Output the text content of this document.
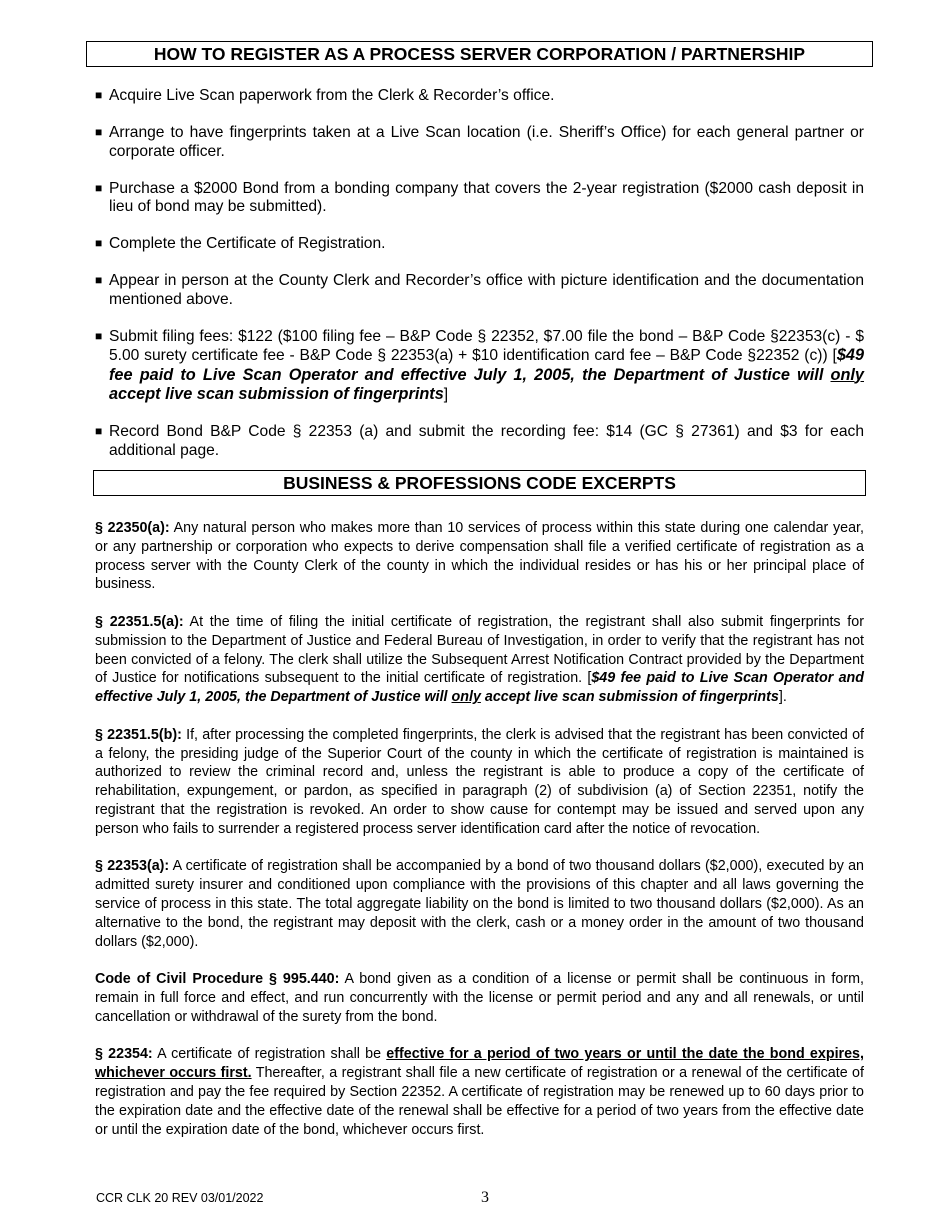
HOW TO REGISTER AS A PROCESS SERVER CORPORATION / PARTNERSHIP

■ Acquire Live Scan paperwork from the Clerk & Recorder’s office.

■ Arrange to have fingerprints taken at a Live Scan location (i.e. Sheriff’s Office) for each general partner or corporate officer.

■ Purchase a $2000 Bond from a bonding company that covers the 2-year registration ($2000 cash deposit in lieu of bond may be submitted).

■ Complete the Certificate of Registration.

■ Appear in person at the County Clerk and Recorder’s office with picture identification and the documentation mentioned above.

■ Submit filing fees: $122 ($100 filing fee – B&P Code § 22352, $7.00 file the bond – B&P Code §22353(c) - $ 5.00 surety certificate fee - B&P Code § 22353(a) + $10 identification card fee – B&P Code §22352 (c)) [$49 fee paid to Live Scan Operator and effective July 1, 2005, the Department of Justice will only accept live scan submission of fingerprints]

■ Record Bond B&P Code § 22353 (a) and submit the recording fee: $14 (GC § 27361) and $3 for each additional page.

BUSINESS & PROFESSIONS CODE EXCERPTS

§ 22350(a): Any natural person who makes more than 10 services of process within this state during one calendar year, or any partnership or corporation who expects to derive compensation shall file a verified certificate of registration as a process server with the County Clerk of the county in which the individual resides or has his or her principal place of business.

§ 22351.5(a): At the time of filing the initial certificate of registration, the registrant shall also submit fingerprints for submission to the Department of Justice and Federal Bureau of Investigation, in order to verify that the registrant has not been convicted of a felony. The clerk shall utilize the Subsequent Arrest Notification Contract provided by the Department of Justice for notifications subsequent to the initial certificate of registration. [$49 fee paid to Live Scan Operator and effective July 1, 2005, the Department of Justice will only accept live scan submission of fingerprints].

§ 22351.5(b): If, after processing the completed fingerprints, the clerk is advised that the registrant has been convicted of a felony, the presiding judge of the Superior Court of the county in which the certificate of registration is maintained is authorized to review the criminal record and, unless the registrant is able to produce a copy of the certificate of rehabilitation, expungement, or pardon, as specified in paragraph (2) of subdivision (a) of Section 22351, notify the registrant that the registration is revoked. An order to show cause for contempt may be issued and served upon any person who fails to surrender a registered process server identification card after the notice of revocation.

§ 22353(a): A certificate of registration shall be accompanied by a bond of two thousand dollars ($2,000), executed by an admitted surety insurer and conditioned upon compliance with the provisions of this chapter and all laws governing the service of process in this state. The total aggregate liability on the bond is limited to two thousand dollars ($2,000). As an alternative to the bond, the registrant may deposit with the clerk, cash or a money order in the amount of two thousand dollars ($2,000).

Code of Civil Procedure § 995.440: A bond given as a condition of a license or permit shall be continuous in form, remain in full force and effect, and run concurrently with the license or permit period and any and all renewals, or until cancellation or withdrawal of the surety from the bond.

§ 22354: A certificate of registration shall be effective for a period of two years or until the date the bond expires, whichever occurs first. Thereafter, a registrant shall file a new certificate of registration or a renewal of the certificate of registration and pay the fee required by Section 22352. A certificate of registration may be renewed up to 60 days prior to the expiration date and the effective date of the renewal shall be effective for a period of two years from the effective date or until the expiration date of the bond, whichever occurs first.

CCR CLK 20 REV 03/01/2022	3
